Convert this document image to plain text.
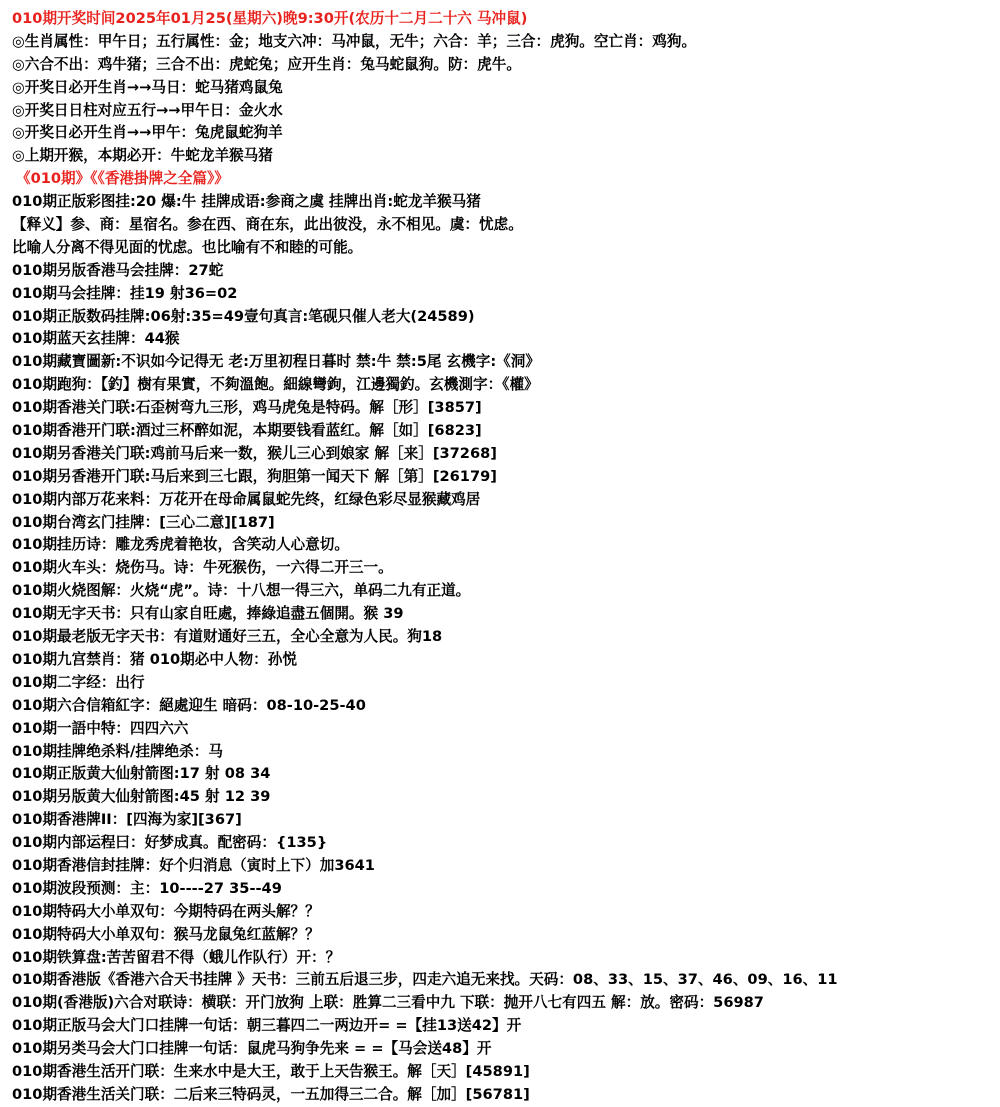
010期开奖时间2025年01月25(星期六)晚9:30开(农历十二月二十六 马冲鼠)
◎生肖属性：甲午日；五行属性：金；地支六冲：马冲鼠，无牛；六合：羊；三合：虎狗。空亡肖：鸡狗。
◎六合不出：鸡牛猪；三合不出：虎蛇兔；应开生肖：兔马蛇鼠狗。防：虎牛。
◎开奖日必开生肖→→马日：蛇马猪鸡鼠兔
◎开奖日日柱对应五行→→甲午日：金火水
◎开奖日必开生肖→→甲午：兔虎鼠蛇狗羊
◎上期开猴，本期必开：牛蛇龙羊猴马猪
《010期》《《香港掛牌之全篇》》
010期正版彩图挂:20 爆:牛 挂牌成语:参商之虞 挂牌出肖:蛇龙羊猴马猪
【释义】参、商：星宿名。参在西、商在东，此出彼没，永不相见。虞：忧虑。
比喻人分离不得见面的忧虑。也比喻有不和睦的可能。
010期另版香港马会挂牌：27蛇
010期马会挂牌：挂19 射36=02
010期正版数码挂牌:06射:35=49壹句真言:笔砚只催人老大(24589)
010期蓝天玄挂牌：44猴
010期藏寶圖新:不识如今记得无 老:万里初程日暮时 禁:牛 禁:5尾 玄機字:《洞》
010期跑狗：【釣】樹有果實，不夠溫飽。細線彎鉤，江邊獨釣。玄機測字：《權》
010期香港关门联:石歪树弯九三形，鸡马虎兔是特码。解［形］[3857]
010期香港开门联:酒过三杯醉如泥，本期要钱看蓝红。解［如］[6823]
010期另香港关门联:鸡前马后来一数，猴儿三心到娘家 解［来］[37268]
010期另香港开门联:马后来到三七跟，狗胆第一闻天下 解［第］[26179]
010期内部万花来料：万花开在母命属鼠蛇先终，红绿色彩尽显猴藏鸡居
010期台湾玄门挂牌：[三心二意][187]
010期挂历诗：雕龙秀虎着艳妆，含笑动人心意切。
010期火车头：烧伤马。诗：牛死猴伤，一六得二开三一。
010期火烧图解：火烧“虎”。诗：十八想一得三六，单码二九有正道。
010期无字天书：只有山家自旺處，捧綠追盡五個開。猴 39
010期最老版无字天书：有道财通好三五，全心全意为人民。狗18
010期九宫禁肖：猪 010期必中人物：孙悦
010期二字经：出行
010期六合信箱紅字：絕處迎生 暗码：08-10-25-40
010期一語中特：四四六六
010期挂牌绝杀料/挂牌绝杀：马
010期正版黄大仙射箭图:17 射 08 34
010期另版黄大仙射箭图:45 射 12 39
010期香港牌II：[四海为家][367]
010期内部运程曰：好梦成真。配密码：{135}
010期香港信封挂牌：好个归消息（寅时上下）加3641
010期波段预测：主：10----27 35--49
010期特码大小单双句：今期特码在两头解？？
010期特码大小单双句：猴马龙鼠兔红蓝解？？
010期铁算盘:苦苦留君不得（蛾儿作队行）开：？
010期香港版《香港六合天书挂牌 》天书：三前五后退三步，四走六追无来找。天码：08、33、15、37、46、09、16、11
010期(香港版)六合对联诗：横联：开门放狗 上联：胜算二三看中九 下联：抛开八七有四五 解：放。密码：56987
010期正版马会大门口挂牌一句话：朝三暮四二一两边开= =【挂13送42】开
010期另类马会大门口挂牌一句话：鼠虎马狗争先来 = =【马会送48】开
010期香港生活开门联：生来水中是大王，敢于上天告猴王。解［天］[45891]
010期香港生活关门联：二后来三特码灵，一五加得三二合。解［加］[56781]
